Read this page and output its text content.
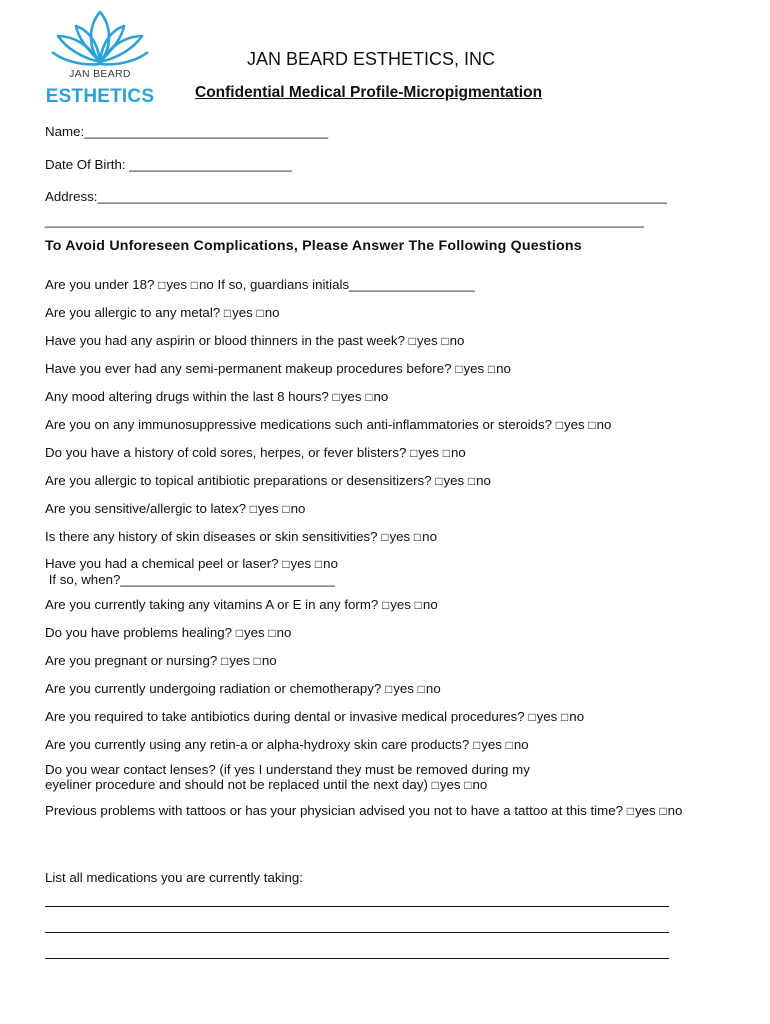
JAN BEARD
ESTHETICS
JAN BEARD ESTHETICS, INC
Confidential Medical Profile-Micropigmentation
Name:_________________________________
Date Of Birth: ______________________
Address:_____________________________________________________________________________
_________________________________________________________________________________
To Avoid Unforeseen Complications, Please Answer The Following Questions
Are you under 18? □yes □no If so, guardians initials_________________
Are you allergic to any metal? □yes □no
Have you had any aspirin or blood thinners in the past week? □yes □no
Have you ever had any semi-permanent makeup procedures before? □yes □no
Any mood altering drugs within the last 8 hours? □yes □no
Are you on any immunosuppressive medications such anti-inflammatories or steroids? □yes □no
Do you have a history of cold sores, herpes, or fever blisters? □yes □no
Are you allergic to topical antibiotic preparations or desensitizers? □yes □no
Are you sensitive/allergic to latex? □yes □no
Is there any history of skin diseases or skin sensitivities? □yes □no
Have you had a chemical peel or laser? □yes □no
If so, when?_____________________________
Are you currently taking any vitamins A or E in any form? □yes □no
Do you have problems healing? □yes □no
Are you pregnant or nursing? □yes □no
Are you currently undergoing radiation or chemotherapy? □yes □no
Are you required to take antibiotics during dental or invasive medical procedures? □yes □no
Are you currently using any retin-a or alpha-hydroxy skin care products? □yes □no
Do you wear contact lenses? (if yes I understand they must be removed during my
eyeliner procedure and should not be replaced until the next day) □yes □no
Previous problems with tattoos or has your physician advised you not to have a tattoo at this time? □yes □no
List all medications you are currently taking:
